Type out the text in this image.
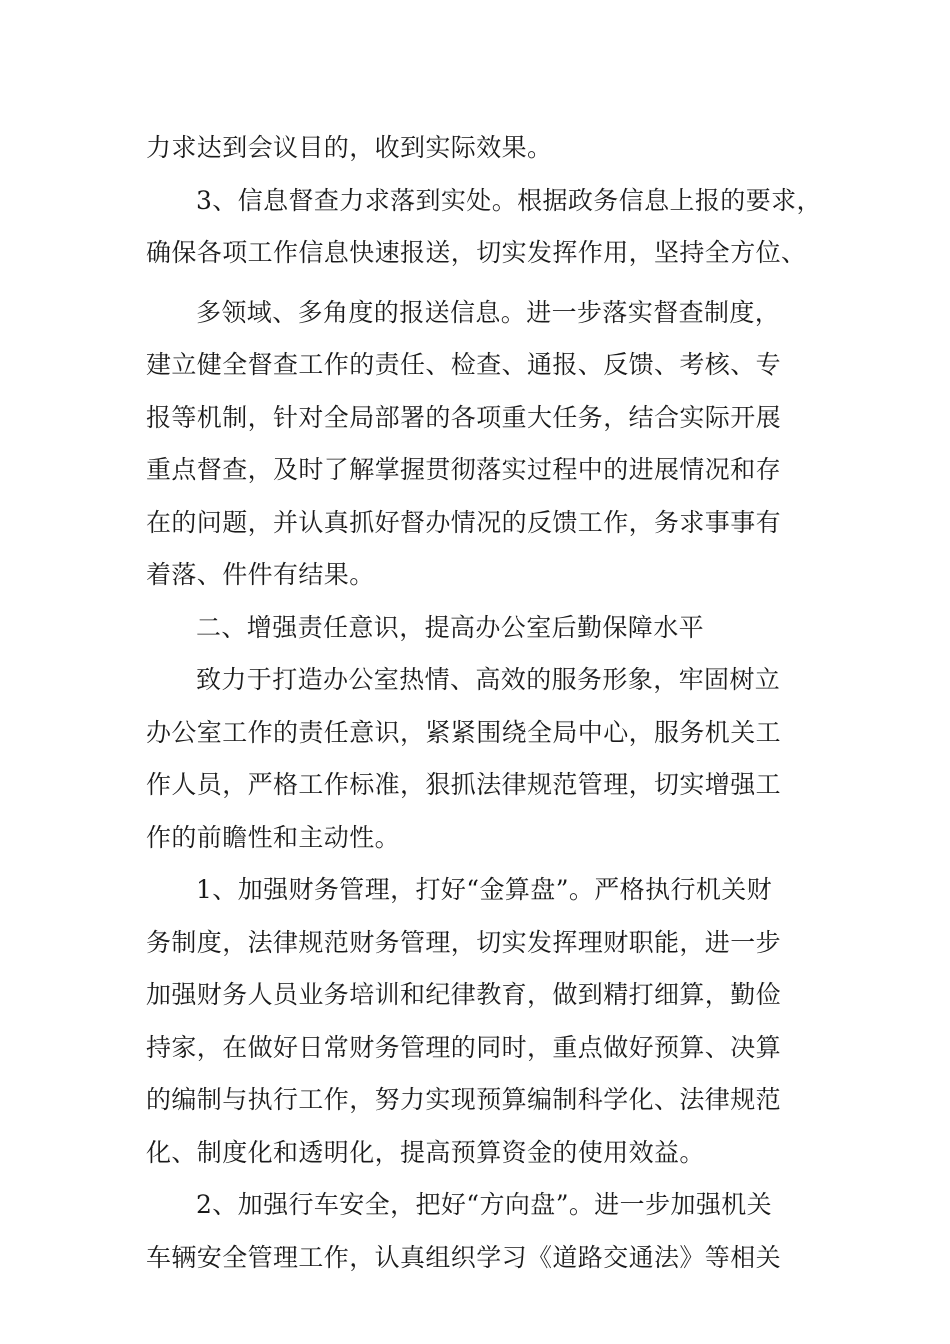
力求达到会议目的，收到实际效果。
3、信息督查力求落到实处。根据政务信息上报的要求，
确保各项工作信息快速报送，切实发挥作用，坚持全方位、
多领域、多角度的报送信息。进一步落实督查制度，
建立健全督查工作的责任、检查、通报、反馈、考核、专
报等机制，针对全局部署的各项重大任务，结合实际开展
重点督查，及时了解掌握贯彻落实过程中的进展情况和存
在的问题，并认真抓好督办情况的反馈工作，务求事事有
着落、件件有结果。
二、增强责任意识，提高办公室后勤保障水平
致力于打造办公室热情、高效的服务形象，牢固树立
办公室工作的责任意识，紧紧围绕全局中心，服务机关工
作人员，严格工作标准，狠抓法律规范管理，切实增强工
作的前瞻性和主动性。
1、加强财务管理，打好“金算盘”。严格执行机关财
务制度，法律规范财务管理，切实发挥理财职能，进一步
加强财务人员业务培训和纪律教育，做到精打细算，勤俭
持家，在做好日常财务管理的同时，重点做好预算、决算
的编制与执行工作，努力实现预算编制科学化、法律规范
化、制度化和透明化，提高预算资金的使用效益。
2、加强行车安全，把好“方向盘”。进一步加强机关
车辆安全管理工作，认真组织学习《道路交通法》等相关
